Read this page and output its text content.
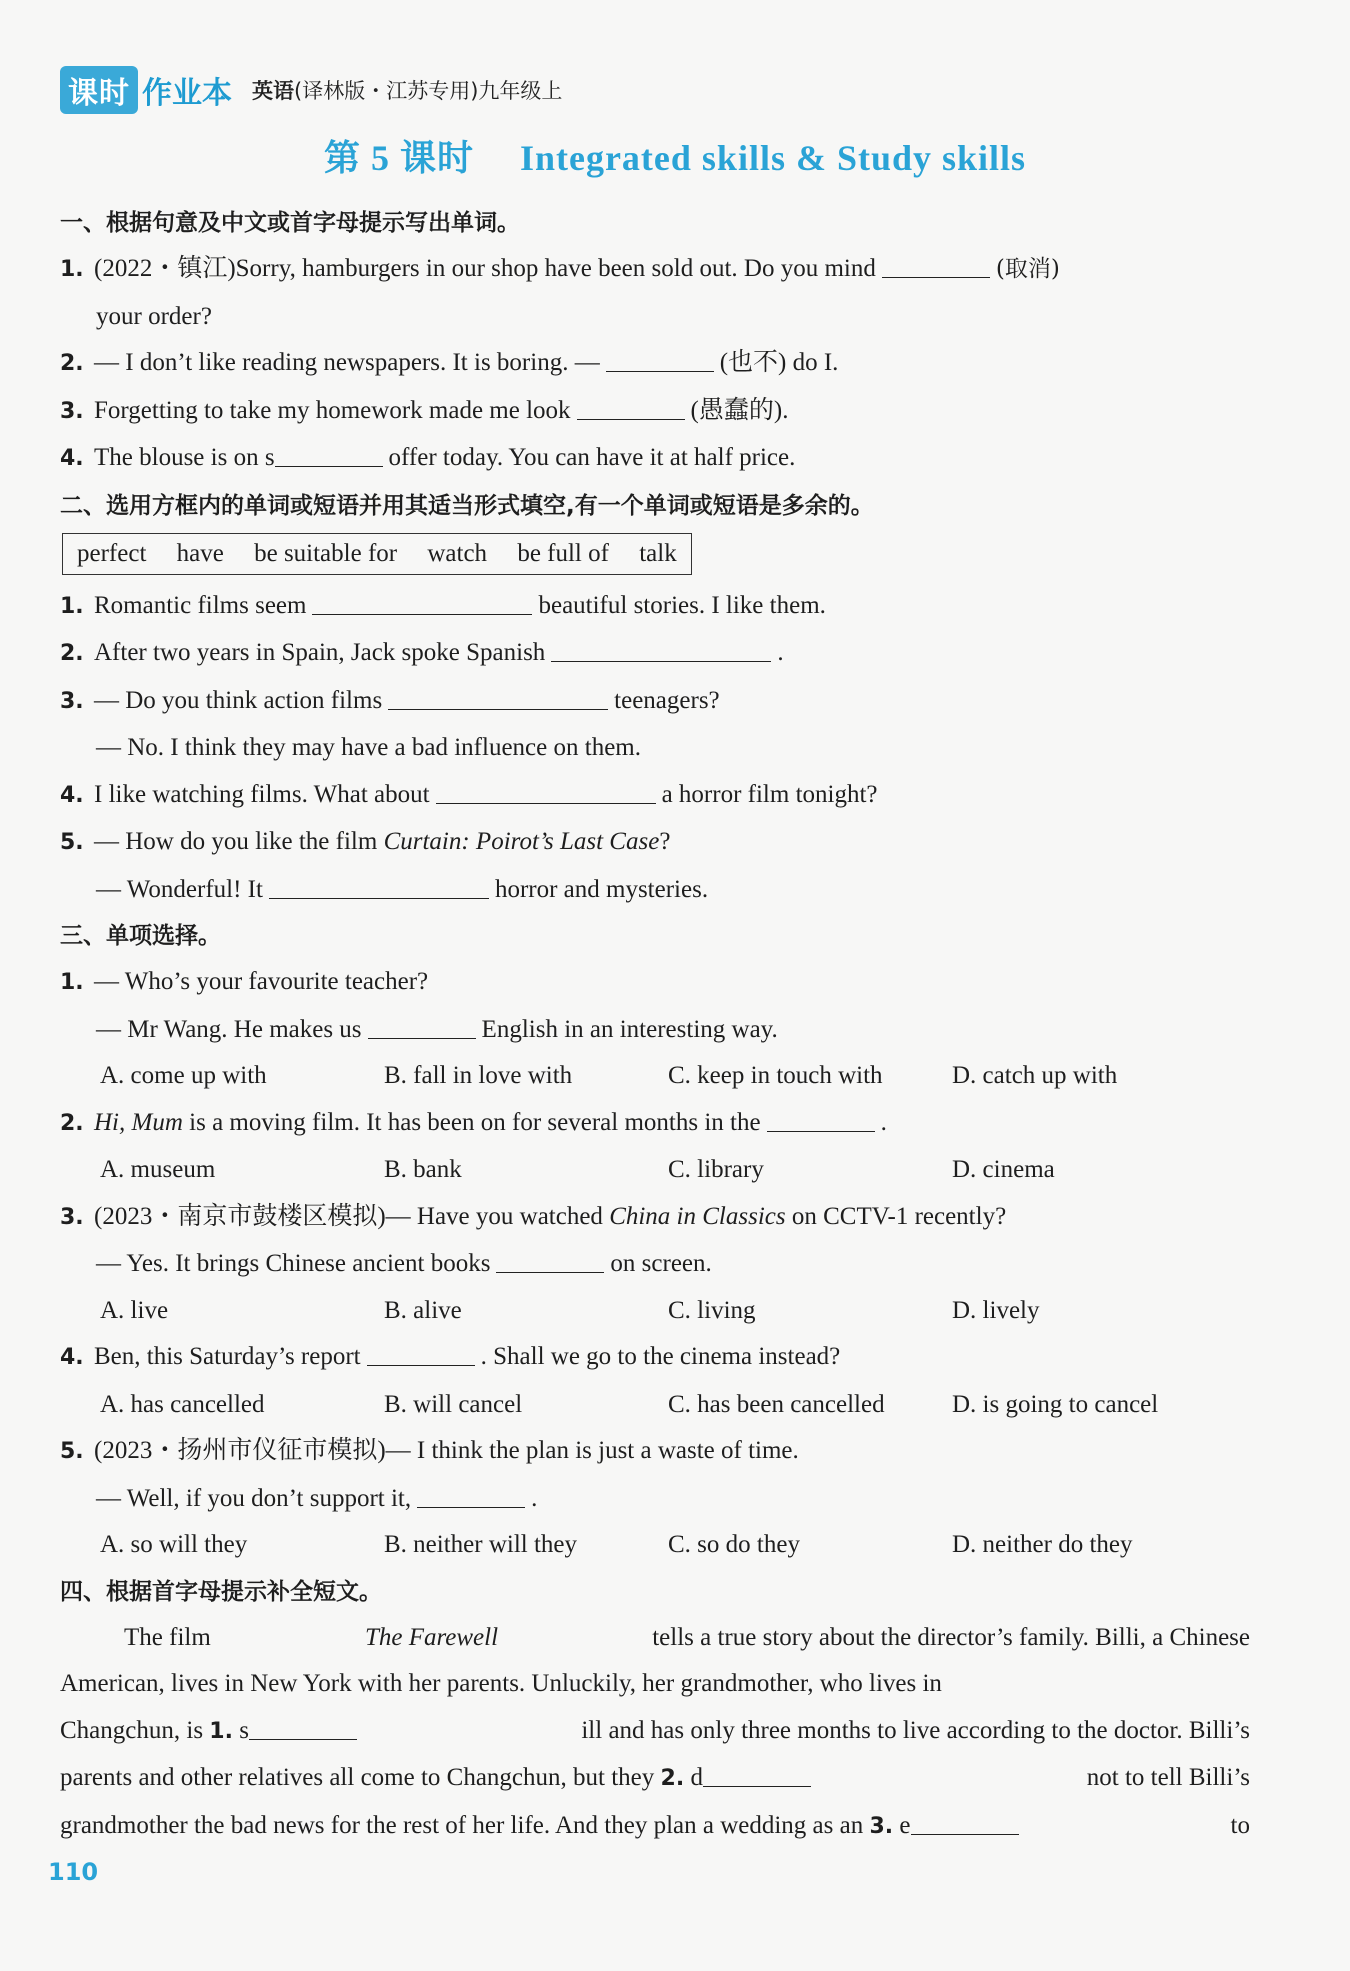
课时 作业本 英语(译林版・江苏专用)九年级上
第 5 课时 Integrated skills & Study skills
一、根据句意及中文或首字母提示写出单词。
1. (2022・镇江)Sorry, hamburgers in our shop have been sold out. Do you mind	(取消)
your order?
2. — I don’t like reading newspapers. It is boring. —	(也不) do I.
3. Forgetting to take my homework made me look	(愚蠢的).
4. The blouse is on s	offer today. You can have it at half price.
二、选用方框内的单词或短语并用其适当形式填空,有一个单词或短语是多余的。
perfect have be suitable for watch be full of talk
1. Romantic films seem	beautiful stories. I like them.
2. After two years in Spain, Jack spoke Spanish	.
3. — Do you think action films	teenagers?
— No. I think they may have a bad influence on them.
4. I like watching films. What about	a horror film tonight?
5. — How do you like the film Curtain: Poirot’s Last Case?
— Wonderful! It	horror and mysteries.
三、单项选择。
1. — Who’s your favourite teacher?
— Mr Wang. He makes us	English in an interesting way.
A. come up with	B. fall in love with	C. keep in touch with	D. catch up with
2. Hi, Mum is a moving film. It has been on for several months in the	.
A. museum	B. bank	C. library	D. cinema
3. (2023・南京市鼓楼区模拟)— Have you watched China in Classics on CCTV-1 recently?
— Yes. It brings Chinese ancient books	on screen.
A. live	B. alive	C. living	D. lively
4. Ben, this Saturday’s report	. Shall we go to the cinema instead?
A. has cancelled	B. will cancel	C. has been cancelled	D. is going to cancel
5. (2023・扬州市仪征市模拟)— I think the plan is just a waste of time.
— Well, if you don’t support it,	.
A. so will they	B. neither will they	C. so do they	D. neither do they
四、根据首字母提示补全短文。
The film	The Farewell	tells a true story about the director’s family. Billi, a Chinese
American, lives in New York with her parents. Unluckily, her grandmother, who lives in
Changchun, is 1. s	ill and has only three months to live according to the doctor. Billi’s
parents and other relatives all come to Changchun, but they 2. d	not to tell Billi’s
grandmother the bad news for the rest of her life. And they plan a wedding as an 3. e	to
110
